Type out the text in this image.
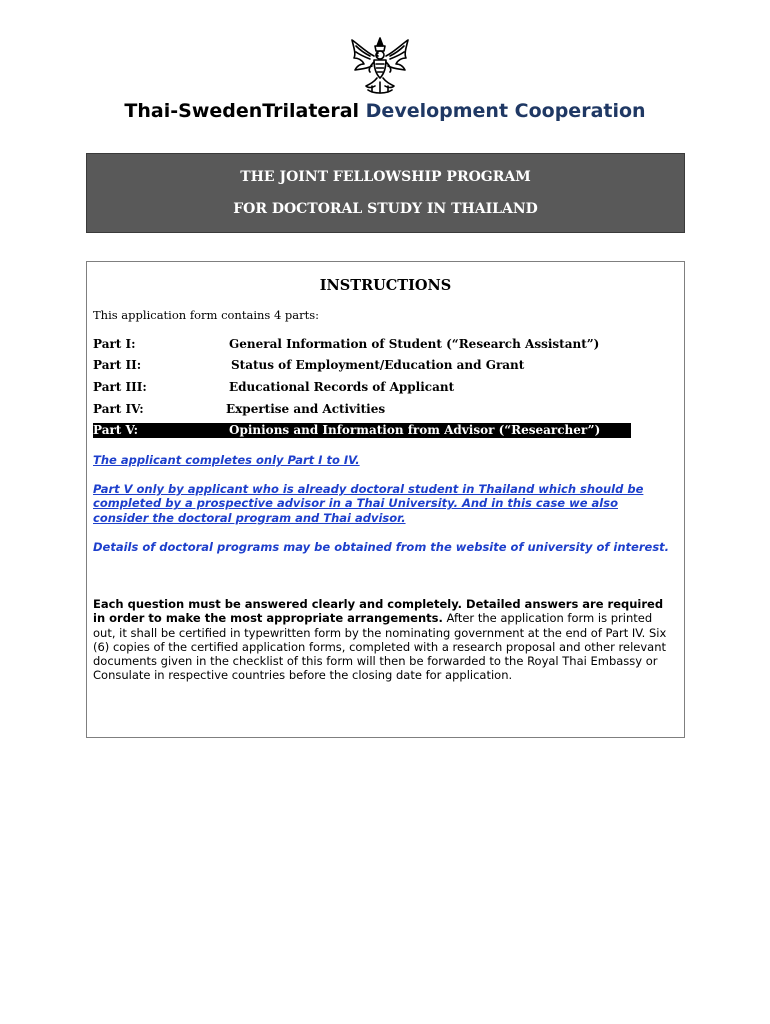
Thai-SwedenTrilateral Development Cooperation
THE JOINT FELLOWSHIP PROGRAM
FOR DOCTORAL STUDY IN THAILAND
INSTRUCTIONS
This application form contains 4 parts:
Part I:	General Information of Student (“Research Assistant”)
Part II:	Status of Employment/Education and Grant
Part III:	Educational Records of Applicant
Part IV:	Expertise and Activities
Part V:	Opinions and Information from Advisor (“Researcher”)
The applicant completes only Part I to IV.
Part V only by applicant who is already doctoral student in Thailand which should be completed by a prospective advisor in a Thai University. And in this case we also consider the doctoral program and Thai advisor.
Details of doctoral programs may be obtained from the website of university of interest.
Each question must be answered clearly and completely. Detailed answers are required in order to make the most appropriate arrangements. After the application form is printed out, it shall be certified in typewritten form by the nominating government at the end of Part IV. Six (6) copies of the certified application forms, completed with a research proposal and other relevant documents given in the checklist of this form will then be forwarded to the Royal Thai Embassy or Consulate in respective countries before the closing date for application.
